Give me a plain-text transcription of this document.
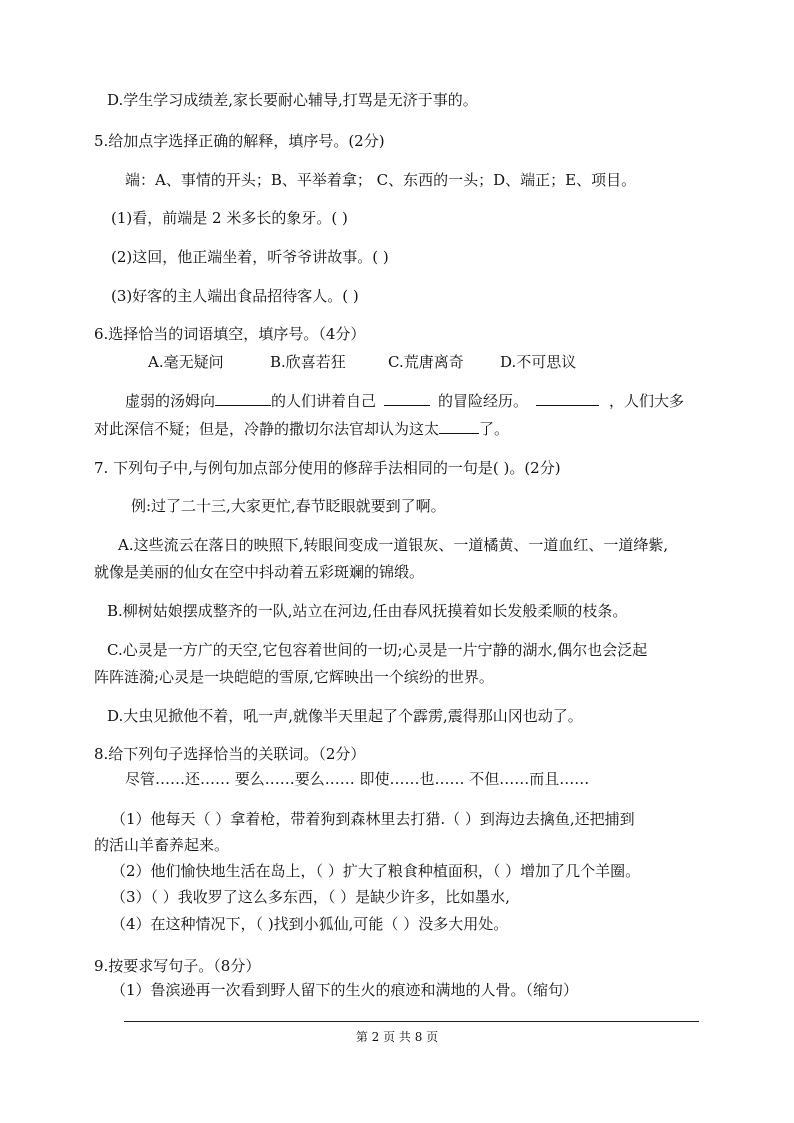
D.学生学习成绩差,家长要耐心辅导,打骂是无济于事的。
5.给加点字选择正确的解释，填序号。(2分)
端：A、事情的开头；B、平举着拿； C、东西的一头；D、端正；E、项目。
(1)看，前端是 2 米多长的象牙。( )
(2)这回，他正端坐着，听爷爷讲故事。( )
(3)好客的主人端出食品招待客人。( )
6.选择恰当的词语填空，填序号。（4分）
A.毫无疑问	B.欣喜若狂	C.荒唐离奇 D.不可思议
虚弱的汤姆向	的人们讲着自己	的冒险经历。	，人们大多
对此深信不疑；但是，冷静的撒切尔法官却认为这太	了。
7. 下列句子中,与例句加点部分使用的修辞手法相同的一句是( )。(2分)
例:过了二十三,大家更忙,春节眨眼就要到了啊。
A.这些流云在落日的映照下,转眼间变成一道银灰、一道橘黄、一道血红、一道绛紫,
就像是美丽的仙女在空中抖动着五彩斑斓的锦缎。
B.柳树姑娘摆成整齐的一队,站立在河边,任由春风抚摸着如长发般柔顺的枝条。
C.心灵是一方广的天空,它包容着世间的一切;心灵是一片宁静的湖水,偶尔也会泛起
阵阵涟漪;心灵是一块皑皑的雪原,它辉映出一个缤纷的世界。
D.大虫见掀他不着，吼一声,就像半天里起了个霹雳,震得那山冈也动了。
8.给下列句子选择恰当的关联词。（2分）
尽管……还…… 要么……要么…… 即使……也…… 不但……而且……
（1）他每天（ ）拿着枪，带着狗到森林里去打猎.（ ）到海边去擒鱼,还把捕到
的活山羊畜养起来。
（2）他们愉快地生活在岛上，（ ）扩大了粮食种植面积，（ ）增加了几个羊圈。
（3）（ ）我收罗了这么多东西，（ ）是缺少许多，比如墨水,
（4）在这种情况下，（ )找到小狐仙,可能（ ）没多大用处。
9.按要求写句子。（8分）
（1）鲁滨逊再一次看到野人留下的生火的痕迹和满地的人骨。（缩句）
第 2 页 共 8 页
